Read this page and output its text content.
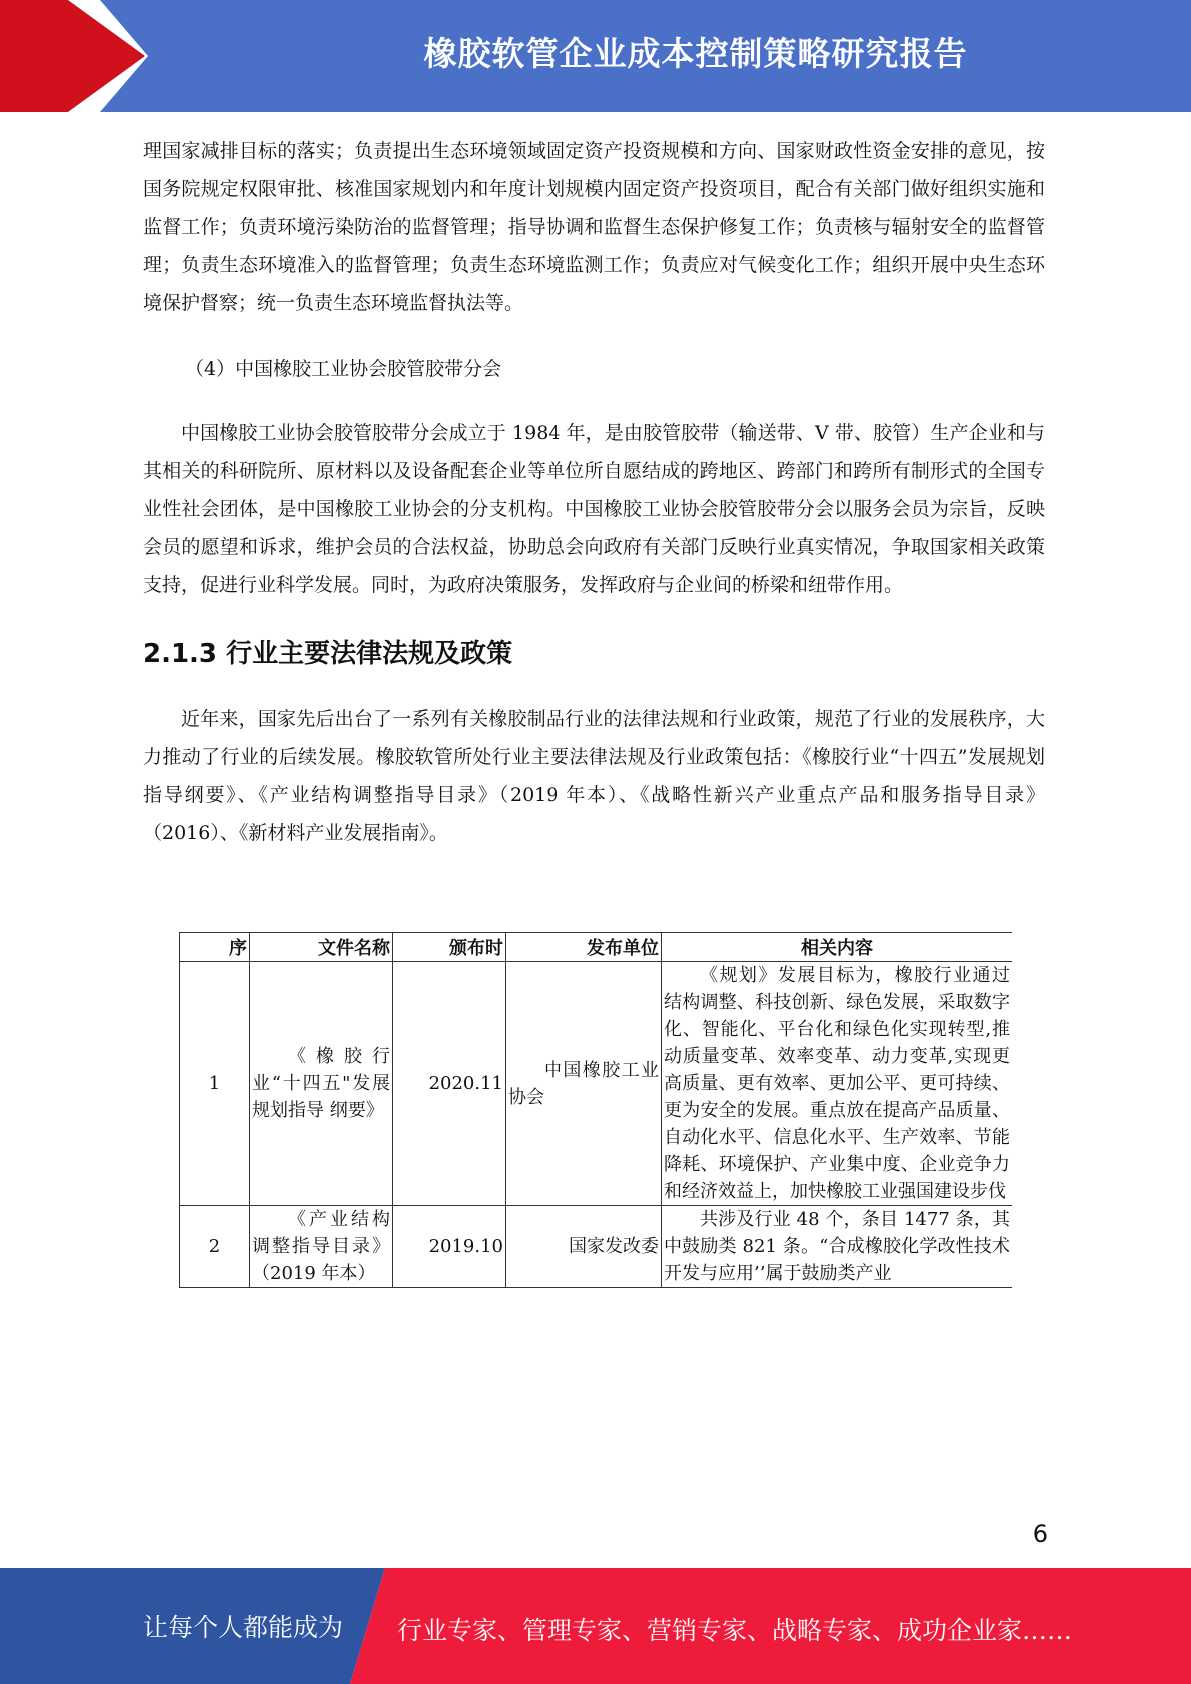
橡胶软管企业成本控制策略研究报告

理国家减排目标的落实；负责提出生态环境领域固定资产投资规模和方向、国家财政性资金安排的意见，按国务院规定权限审批、核准国家规划内和年度计划规模内固定资产投资项目，配合有关部门做好组织实施和监督工作；负责环境污染防治的监督管理；指导协调和监督生态保护修复工作；负责核与辐射安全的监督管理；负责生态环境准入的监督管理；负责生态环境监测工作；负责应对气候变化工作；组织开展中央生态环境保护督察；统一负责生态环境监督执法等。

（4）中国橡胶工业协会胶管胶带分会

中国橡胶工业协会胶管胶带分会成立于 1984 年，是由胶管胶带（输送带、V 带、胶管）生产企业和与其相关的科研院所、原材料以及设备配套企业等单位所自愿结成的跨地区、跨部门和跨所有制形式的全国专业性社会团体，是中国橡胶工业协会的分支机构。中国橡胶工业协会胶管胶带分会以服务会员为宗旨，反映会员的愿望和诉求，维护会员的合法权益，协助总会向政府有关部门反映行业真实情况，争取国家相关政策支持，促进行业科学发展。同时，为政府决策服务，发挥政府与企业间的桥梁和纽带作用。

2.1.3 行业主要法律法规及政策

近年来，国家先后出台了一系列有关橡胶制品行业的法律法规和行业政策，规范了行业的发展秩序，大力推动了行业的后续发展。橡胶软管所处行业主要法律法规及行业政策包括：《橡胶行业“十四五”发展规划指导纲要》、《产业结构调整指导目录》（2019 年本）、《战略性新兴产业重点产品和服务指导目录》（2016）、《新材料产业发展指南》。

序	文件名称	颁布时	发布单位	相关内容
1	《橡胶行业“十四五"发展规划指导 纲要》	2020.11	中国橡胶工业 协会	《规划》发展目标为，橡胶行业通过 结构调整、科技创新、绿色发展，采取数字化、智能化、平台化和绿色化实现转型,推动质量变革、效率变革、动力变革,实现更高质量、更有效率、更加公平、更可持续、更为安全的发展。重点放在提高产品质量、自动化水平、信息化水平、生产效率、节能降耗、环境保护、产业集中度、企业竞争力和经济效益上，加快橡胶工业强国建设步伐
2	《产业结构 调整指导目录》（2019 年本）	2019.10	国家发改委	共涉及行业 48 个，条目 1477 条，其 中鼓励类 821 条。“合成橡胶化学改性技术开发与应用’’属于鼓励类产业
6
让每个人都能成为 行业专家、管理专家、营销专家、战略专家、成功企业家……
